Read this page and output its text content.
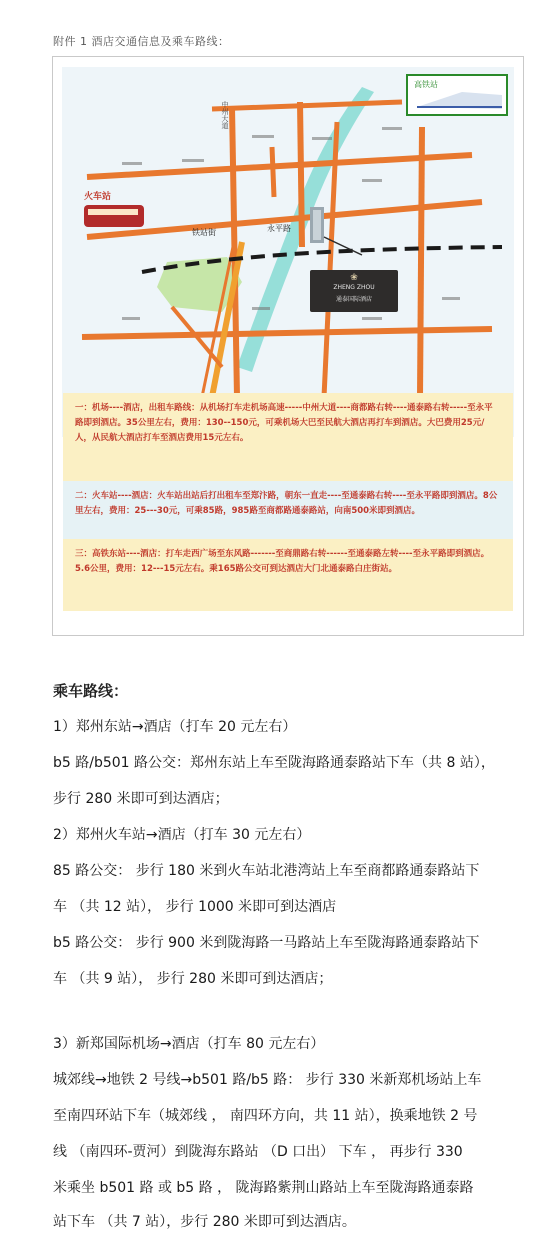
附件 1 酒店交通信息及乘车路线：
ZHENG ZHOU
通泰国际酒店
❀
火车站
高铁站
中州大道
铁站街	永平路

一：机场----酒店，出租车路线：从机场打车走机场高速-----中州大道----商都路右转----通泰路右转-----至永平路即到酒店。35公里左右，费用：130--150元，可乘机场大巴至民航大酒店再打车到酒店。大巴费用25元/人，从民航大酒店打车至酒店费用15元左右。

二：火车站----酒店：火车站出站后打出租车至郑汴路，朝东一直走----至通泰路右转----至永平路即到酒店。8公里左右，费用：25---30元，可乘85路，985路至商都路通泰路站，向南500米即到酒店。

三：高铁东站----酒店：打车走西广场至东风路-------至商鼎路右转------至通泰路左转----至永平路即到酒店。5.6公里，费用：12---15元左右。乘165路公交可到达酒店大门北通泰路白庄街站。

乘车路线：
1）郑州东站→酒店（打车 20 元左右）
b5 路/b501 路公交：郑州东站上车至陇海路通泰路站下车（共 8 站），
步行 280 米即可到达酒店；
2）郑州火车站→酒店（打车 30 元左右）
85 路公交： 步行 180 米到火车站北港湾站上车至商都路通泰路站下
车 （共 12 站）， 步行 1000 米即可到达酒店
b5 路公交： 步行 900 米到陇海路一马路站上车至陇海路通泰路站下
车 （共 9 站）， 步行 280 米即可到达酒店；
3）新郑国际机场→酒店（打车 80 元左右）
城郊线→地铁 2 号线→b501 路/b5 路： 步行 330 米新郑机场站上车
至南四环站下车（城郊线 ， 南四环方向，共 11 站），换乘地铁 2 号
线 （南四环-贾河）到陇海东路站 （D 口出） 下车 ， 再步行 330
米乘坐 b501 路 或 b5 路 ， 陇海路紫荆山路站上车至陇海路通泰路
站下车 （共 7 站），步行 280 米即可到达酒店。
